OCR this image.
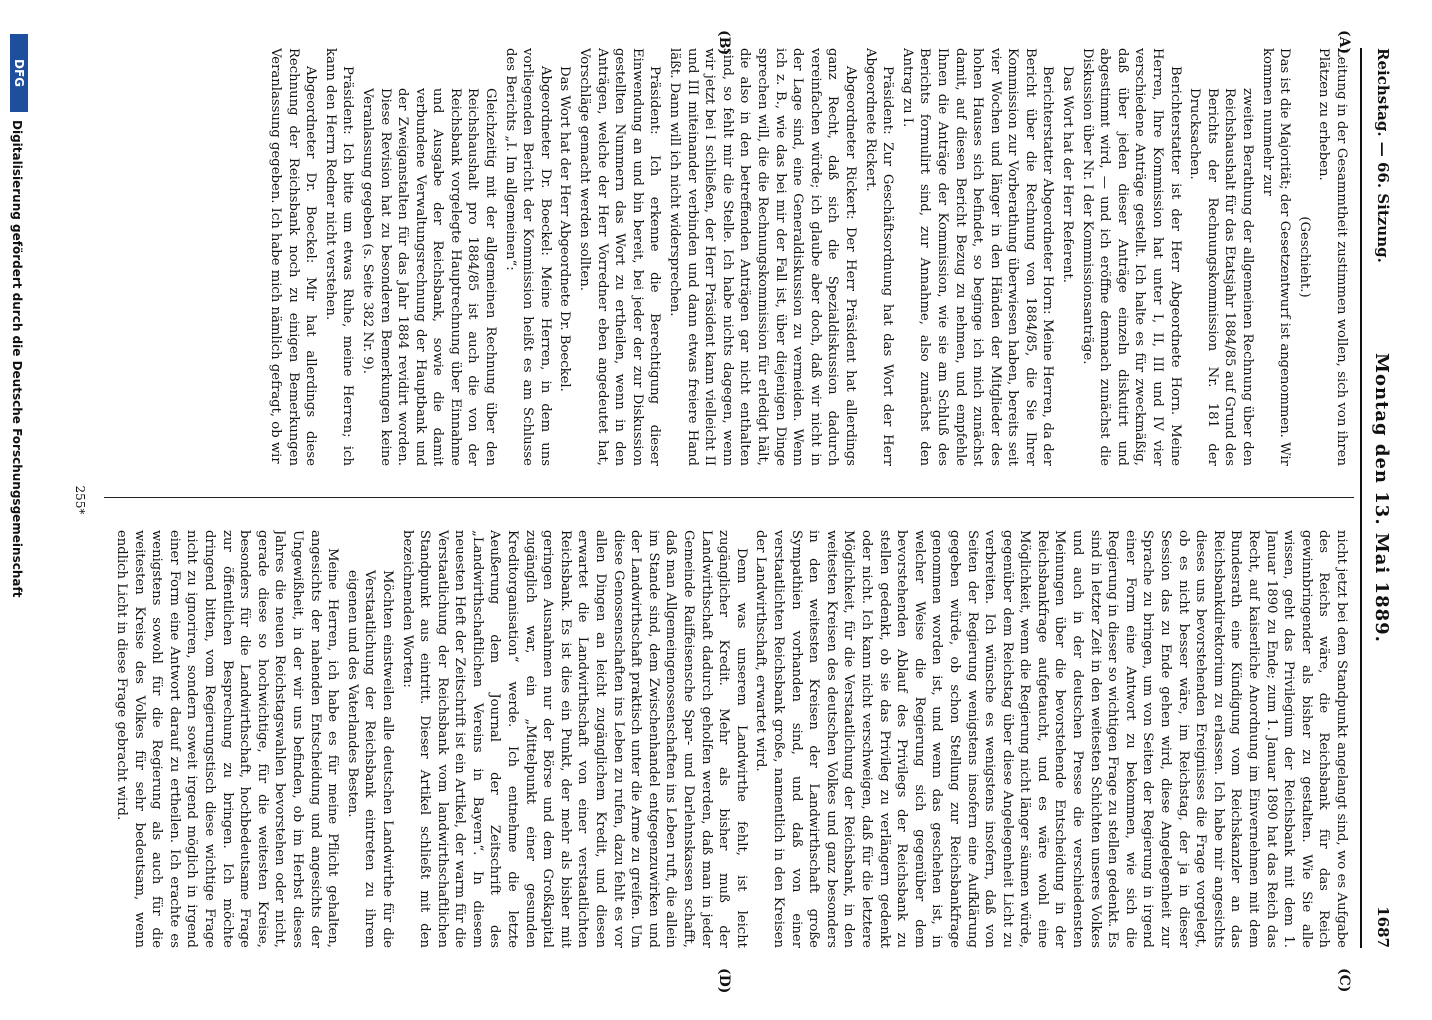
Reichstag. — 66. Sitzung.
Montag den 13. Mai 1889.
1687
(A)
(B)
(C)
(D)

Leitung in der Gesammtheit zustimmen wollen, sich von ihren Plätzen zu erheben.

(Geschieht.)

Das ist die Majorität; der Gesetzentwurf ist angenommen. Wir kommen nunmehr zur

zweiten Berathung der allgemeinen Rechnung über den Reichshaushalt für das Etatsjahr 1884/85 auf Grund des Berichts der Rechnungskommission Nr. 181 der Drucksachen.

Berichterstatter ist der Herr Abgeordnete Horn. Meine Herren, Ihre Kommission hat unter I, II, III und IV vier verschiedene Anträge gestellt. Ich halte es für zweckmäßig, daß über jeden dieser Anträge einzeln diskutirt und abgestimmt wird, — und ich eröffne demnach zunächst die Diskussion über Nr. I der Kommissionsanträge.

Das Wort hat der Herr Referent.

Berichterstatter Abgeordneter Horn: Meine Herren, da der Bericht über die Rechnung von 1884/85, die Sie Ihrer Kommission zur Vorberathung überwiesen haben, bereits seit vier Wochen und länger in den Händen der Mitglieder des hohen Hauses sich befindet, so beginge ich mich zunächst damit, auf diesen Bericht Bezug zu nehmen, und empfehle Ihnen die Anträge der Kommission, wie sie am Schluß des Berichts formulirt sind, zur Annahme, also zunächst den Antrag zu I.

Präsident: Zur Geschäftsordnung hat das Wort der Herr Abgeordnete Rickert.

Abgeordneter Rickert: Der Herr Präsident hat allerdings ganz Recht, daß sich die Spezialdiskussion dadurch vereinfachen würde; ich glaube aber doch, daß wir nicht in der Lage sind, eine Generaldiskussion zu vermeiden. Wenn ich z. B., wie das bei mir der Fall ist, über diejenigen Dinge sprechen will, die die Rechnungskommission für erledigt hält, die also in den betreffenden Anträgen gar nicht enthalten sind, so fehlt mir die Stelle. Ich habe nichts dagegen, wenn wir jetzt bei I schließen, der Herr Präsident kann vielleicht II und III miteinander verbinden und dann etwas freiere Hand läßt. Dann will ich nicht widersprechen.

Präsident: Ich erkenne die Berechtigung dieser Einwendung an und bin bereit, bei jeder der zur Diskussion gestellten Nummern das Wort zu ertheilen, wenn in den Anträgen, welche der Herr Vorredner eben angedeutet hat, Vorschläge gemacht werden sollten.

Das Wort hat der Herr Abgeordnete Dr. Boeckel.

Abgeordneter Dr. Boeckel: Meine Herren, in dem uns vorliegenden Bericht der Kommission heißt es am Schlusse des Berichts „I. Im allgemeinen“:

Gleichzeitig mit der allgemeinen Rechnung über den Reichshaushalt pro 1884/85 ist auch die von der Reichsbank vorgelegte Hauptrechnung über Einnahme und Ausgabe der Reichsbank, sowie die damit verbundene Verwaltungsrechnung der Hauptbank und der Zweiganstalten für das Jahr 1884 revidirt worden. Diese Revision hat zu besonderen Bemerkungen keine Veranlassung gegeben (s. Seite 382 Nr. 9).

Präsident: Ich bitte um etwas Ruhe, meine Herren; ich kann den Herrn Redner nicht verstehen.

Abgeordneter Dr. Boeckel: Mir hat allerdings diese Rechnung der Reichsbank noch zu einigen Bemerkungen Veranlassung gegeben. Ich habe mich nämlich gefragt, ob wir

nicht jetzt bei dem Standpunkt angelangt sind, wo es Aufgabe des Reichs wäre, die Reichsbank für das Reich gewinnbringender als bisher zu gestalten. Wie Sie alle wissen, geht das Privilegium der Reichsbank mit dem 1. Januar 1890 zu Ende; zum 1. Januar 1890 hat das Reich das Recht, auf kaiserliche Anordnung im Einvernehmen mit dem Bundesrath eine Kündigung vom Reichskanzler an das Reichsbankdirektorium zu erlassen. Ich habe mir angesichts dieses uns bevorstehenden Ereignisses die Frage vorgelegt, ob es nicht besser wäre, im Reichstag, der ja in dieser Session das zu Ende gehen wird, diese Angelegenheit zur Sprache zu bringen, um von Seiten der Regierung in irgend einer Form eine Antwort zu bekommen, wie sich die Regierung in dieser so wichtigen Frage zu stellen gedenkt. Es sind in letzter Zeit in den weitesten Schichten unseres Volkes und auch in der deutschen Presse die verschiedensten Meinungen über die bevorstehende Entscheidung in der Reichsbankfrage aufgetaucht, und es wäre wohl eine Möglichkeit, wenn die Regierung nicht länger säumen würde, gegenüber dem Reichstag über diese Angelegenheit Licht zu verbreiten. Ich wünsche es wenigstens insofern, daß von Seiten der Regierung wenigstens insofern eine Aufklärung gegeben würde, ob schon Stellung zur Reichsbankfrage genommen worden ist, und wenn das geschehen ist, in welcher Weise die Regierung sich gegenüber dem bevorstehenden Ablauf des Privilegs der Reichsbank zu stellen gedenkt, ob sie das Privileg zu verlängern gedenkt oder nicht. Ich kann nicht verschweigen, daß für die letztere Möglichkeit, für die Verstaatlichung der Reichsbank, in den weitesten Kreisen des deutschen Volkes und ganz besonders in den weitesten Kreisen der Landwirthschaft große Sympathien vorhanden sind, und daß von einer verstaatlichten Reichsbank große, namentlich in den Kreisen der Landwirthschaft, erwartet wird.

Denn was unserem Landwirthe fehlt, ist leicht zugänglicher Kredit. Mehr als bisher muß der Landwirthschaft dadurch geholfen werden, daß man in jeder Gemeinde Raiffeisensche Spar- und Darlehnskassen schafft, daß man Allgemeingenossenschaften ins Leben ruft, die allein im Stande sind, dem Zwischenhandel entgegenzuwirken und der Landwirthschaft praktisch unter die Arme zu greifen. Um diese Genossenschaften ins Leben zu rufen, dazu fehlt es vor allen Dingen an leicht zugänglichem Kredit, und diesen erwartet die Landwirthschaft von einer verstaatlichten Reichsbank. Es ist dies ein Punkt, der mehr als bisher mit geringen Ausnahmen nur der Börse und dem Großkapital zugänglich war, ein „Mittelpunkt einer gesunden Kreditorganisation“ werde. Ich entnehme die letzte Aeußerung dem Journal der Zeitschrift des „Landwirthschaftlichen Vereins in Bayern“. In diesem neuesten Heft der Zeitschrift ist ein Artikel, der warm für die Verstaatlichung der Reichsbank vom landwirthschaftlichen Standpunkt aus eintritt. Dieser Artikel schließt mit den bezeichnenden Worten:

Möchten einstweilen alle deutschen Landwirthe für die Verstaatlichung der Reichsbank eintreten zu ihrem eigenen und des Vaterlandes Besten.

Meine Herren, ich habe es für meine Pflicht gehalten, angesichts der nahenden Entscheidung und angesichts der Ungewißheit, in der wir uns befinden, ob im Herbst dieses Jahres die neuen Reichstagswahlen bevorstehen oder nicht, gerade diese so hochwichtige, für die weitesten Kreise, besonders für die Landwirthschaft, hochbedeutsame Frage zur öffentlichen Besprechung zu bringen. Ich möchte dringend bitten, vom Regierungstisch diese wichtige Frage nicht zu ignoriren, sondern soweit irgend möglich in irgend einer Form eine Antwort darauf zu ertheilen. Ich erachte es wenigstens sowohl für die Regierung als auch für die weitesten Kreise des Volkes für sehr bedeutsam, wenn endlich Licht in diese Frage gebracht wird.

255*
DFG
Digitalisierung gefördert durch die Deutsche Forschungsgemeinschaft
